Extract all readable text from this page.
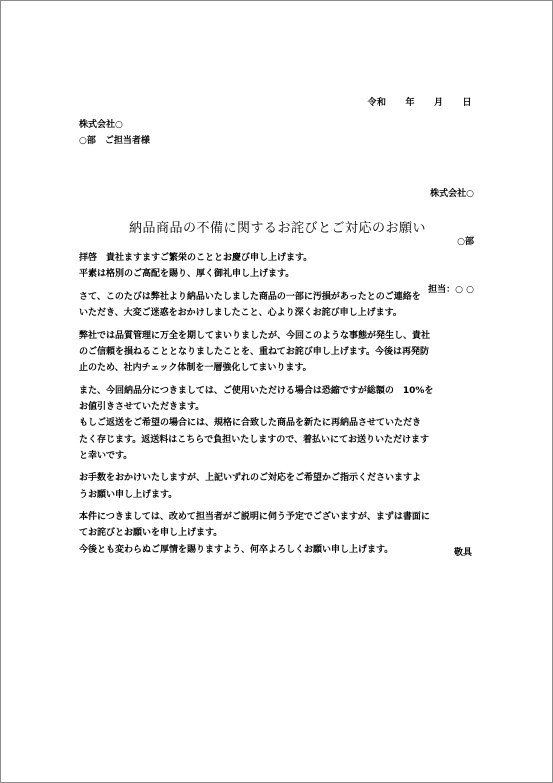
令和　　年　　月　　日
株式会社○
○部　ご担当者様

株式会社○

○部

担当：○ ○

納品商品の不備に関するお詫びとご対応のお願い
拝啓　貴社ますますご繁栄のこととお慶び申し上げます。
平素は格別のご高配を賜り、厚く御礼申し上げます。
さて、このたびは弊社より納品いたしました商品の一部に汚損があったとのご連絡を
いただき、大変ご迷惑をおかけしましたこと、心より深くお詫び申し上げます。
弊社では品質管理に万全を期してまいりましたが、今回このような事態が発生し、貴社
のご信頼を損ねることとなりましたことを、重ねてお詫び申し上げます。今後は再発防
止のため、社内チェック体制を一層強化してまいります。
また、今回納品分につきましては、ご使用いただける場合は恐縮ですが総額の　10%を
お値引きさせていただきます。
もしご返送をご希望の場合には、規格に合致した商品を新たに再納品させていただき
たく存じます。返送料はこちらで負担いたしますので、着払いにてお送りいただけます
と幸いです。
お手数をおかけいたしますが、上記いずれのご対応をご希望かご指示くださいますよ
うお願い申し上げます。
本件につきましては、改めて担当者がご説明に伺う予定でございますが、まずは書面に
てお詫びとお願いを申し上げます。
今後とも変わらぬご厚情を賜りますよう、何卒よろしくお願い申し上げます。	敬具
